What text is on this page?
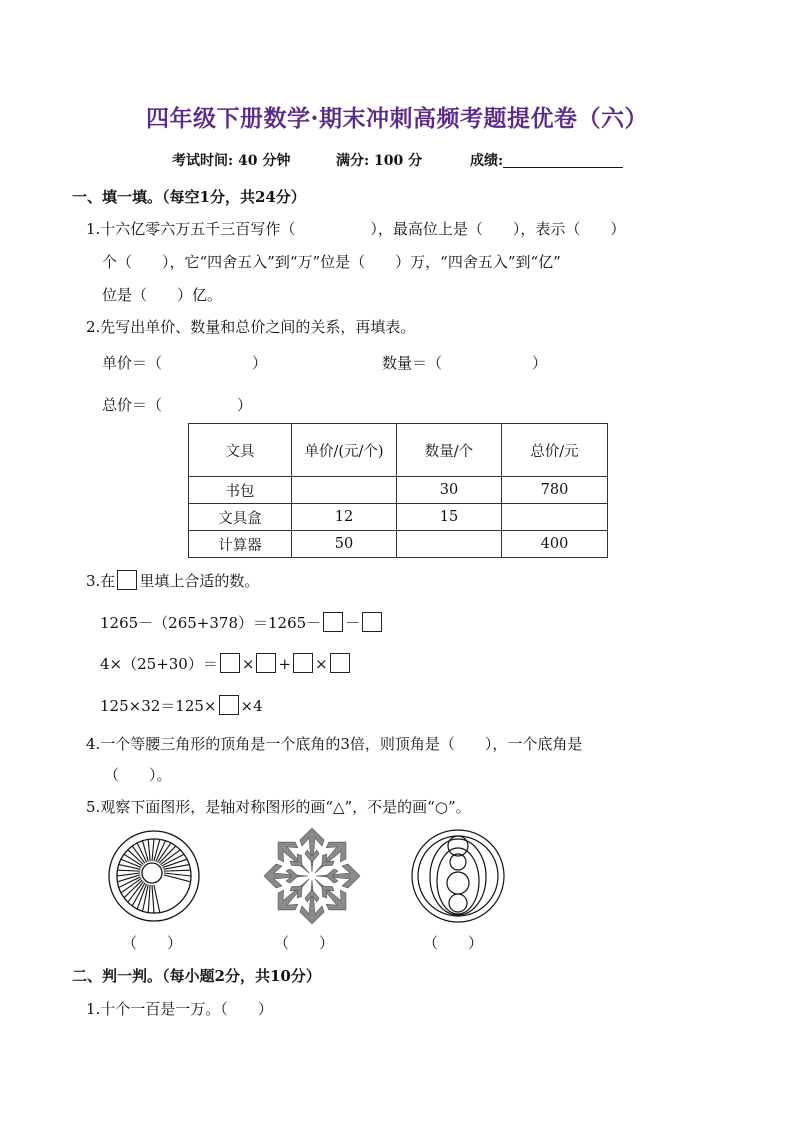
四年级下册数学·期末冲刺高频考题提优卷（六）
考试时间: 40 分钟	满分: 100 分	成绩:
一、填一填。（每空1分，共24分）
1.十六亿零六万五千三百写作（　　　　　），最高位上是（　　），表示（　　）
个（　　），它“四舍五入”到“万”位是（　　）万，“四舍五入”到“亿”
位是（　　）亿。
2.先写出单价、数量和总价之间的关系，再填表。
单价＝（　　　　　　）	数量＝（　　　　　　）
总价＝（　　　　　）
文具	单价/(元/个)	数量/个	总价/元
书包		30	780
文具盒	12	15	
计算器	50		400
3.在 里填上合适的数。
1265－（265+378）＝1265－ －
4×（25+30）＝ × + ×
125×32＝125× ×4
4.一个等腰三角形的顶角是一个底角的3倍，则顶角是（　　），一个底角是
（　　）。
5.观察下面图形，是轴对称图形的画“△”，不是的画“○”。
（　　）	（　　）	（　　）
二、判一判。（每小题2分，共10分）
1.十个一百是一万。（　　）
